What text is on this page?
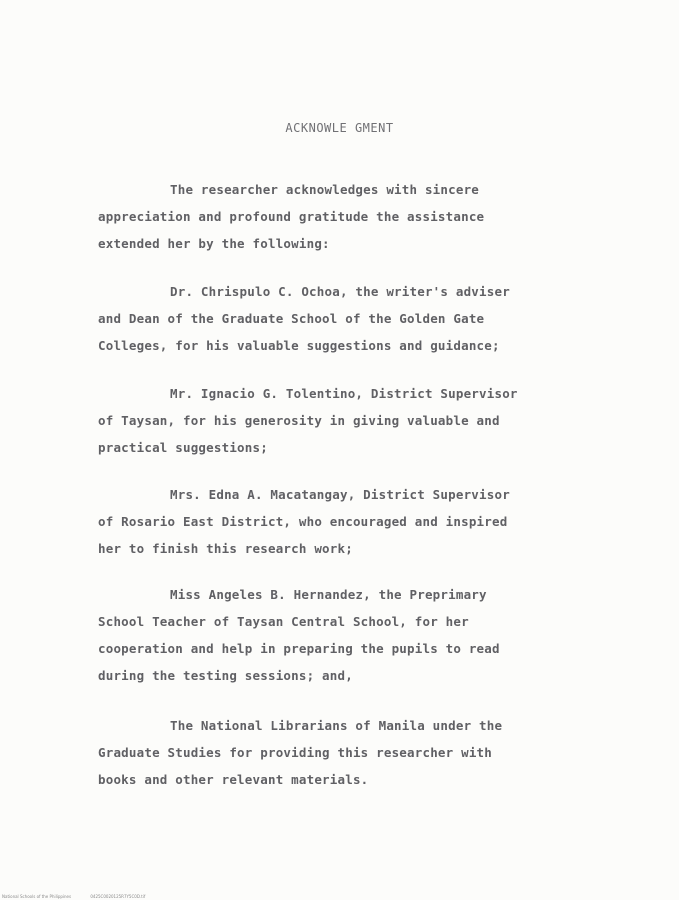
ACKNOWLE GMENT

The researcher acknowledges with sincere
appreciation and profound gratitude the assistance
extended her by the following:

Dr. Chrispulo C. Ochoa, the writer's adviser
and Dean of the Graduate School of the Golden Gate
Colleges, for his valuable suggestions and guidance;

Mr. Ignacio G. Tolentino, District Supervisor
of Taysan, for his generosity in giving valuable and
practical suggestions;

Mrs. Edna A. Macatangay, District Supervisor
of Rosario East District, who encouraged and inspired
her to finish this research work;

Miss Angeles B. Hernandez, the Preprimary
School Teacher of Taysan Central School, for her
cooperation and help in preparing the pupils to read
during the testing sessions; and,

The National Librarians of Manila under the
Graduate Studies for providing this researcher with
books and other relevant materials.

National Schools of the Philippines	0425C0020125R7Y5C0D.tif
